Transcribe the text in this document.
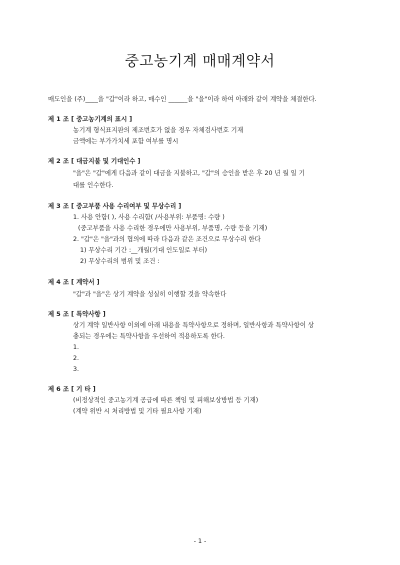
중고농기계 매매계약서
매도인을 (주)____을 "갑"이라 하고, 매수인 ______을 "을"이라 하여 아래와 같이 계약을 체결한다.
제 1 조 [ 중고농기계의 표시 ]
농기계 형식표지판의 제조번호가 없을 경우 자체검사번호 기재
금액에는 부가가치세 포함 여부를 명시
제 2 조 [ 대금지불 및 기대인수 ]
"을"은 "갑"에게 다음과 같이 대금을 지불하고, "갑"의 승인을 받은 후 20 년 월 일 기
대를 인수한다.
제 3 조 [ 중고부품 사용 수리여부 및 무상수리 ]
1. 사용 안함( ), 사용 수리함( /사용부위: 부품명: 수량 )
(중고부품을 사용 수리한 경우에만 사용부위, 부품명, 수량 등을 기재)
2. "갑"은 "을"과의 협의에 따라 다음과 같은 조건으로 무상수리 한다
1) 무상수리 기간 :__개월(기대 인도일로 부터)
2) 무상수리의 범위 및 조건 :
제 4 조 [ 계약서 ]
"갑"과 "을"은 상기 계약을 성실히 이행할 것을 약속한다
제 5 조 [ 특약사항 ]
상기 계약 일반사항 이외에 아래 내용을 특약사항으로 정하며, 일반사항과 특약사항이 상
충되는 경우에는 특약사항을 우선하여 적용하도록 한다.
1.
2.
3.
제 6 조 [ 기 타 ]
(비정상적인 중고농기계 공급에 따른 책임 및 피해보상방법 등 기재)
(계약 위반 시 처리방법 및 기타 필요사항 기재)
- 1 -
